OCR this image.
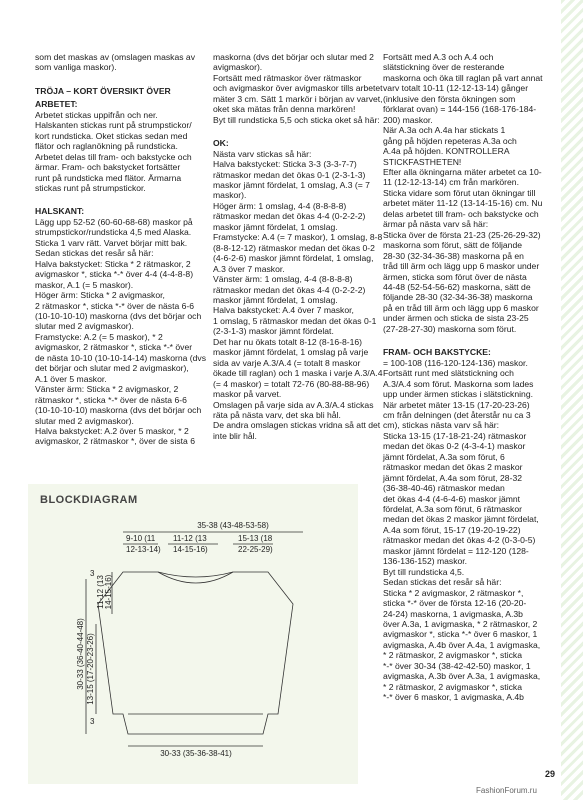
som det maskas av (omslagen maskas av

som vanliga maskor).

TRÖJA – KORT ÖVERSIKT ÖVER

ARBETET:

Arbetet stickas uppifrån och ner.

Halskanten stickas runt på strumpstickor/

kort rundsticka. Oket stickas sedan med

flätor och raglanökning på rundsticka.

Arbetet delas till fram- och bakstycke och

ärmar. Fram- och bakstycket fortsätter

runt på rundsticka med flätor. Ärmarna

stickas runt på strumpstickor.

HALSKANT:

Lägg upp 52-52 (60-60-68-68) maskor på

strumpstickor/rundsticka 4,5 med Alaska.

Sticka 1 varv rätt. Varvet börjar mitt bak.

Sedan stickas det resår så här:

Halva bakstycket: Sticka * 2 rätmaskor, 2

avigmaskor *, sticka *-* över 4-4 (4-4-8-8)

maskor, A.1 (= 5 maskor).

Höger ärm: Sticka * 2 avigmaskor,

2 rätmaskor *, sticka *-* över de nästa 6-6

(10-10-10-10) maskorna (dvs det börjar och

slutar med 2 avigmaskor).

Framstycke: A.2 (= 5 maskor), * 2

avigmaskor, 2 rätmaskor *, sticka *-* över

de nästa 10-10 (10-10-14-14) maskorna (dvs

det börjar och slutar med 2 avigmaskor),

A.1 över 5 maskor.

Vänster ärm: Sticka * 2 avigmaskor, 2

rätmaskor *, sticka *-* över de nästa 6-6

(10-10-10-10) maskorna (dvs det börjar och

slutar med 2 avigmaskor).

Halva bakstycket: A.2 över 5 maskor, * 2

avigmaskor, 2 rätmaskor *, över de sista 6

maskorna (dvs det börjar och slutar med 2

avigmaskor).

Fortsätt med rätmaskor över rätmaskor

och avigmaskor över avigmaskor tills arbetet

mäter 3 cm. Sätt 1 markör i början av varvet,

oket ska mätas från denna markören!

Byt till rundsticka 5,5 och sticka oket så här:

OK:

Nästa varv stickas så här:

Halva bakstycket: Sticka 3-3 (3-3-7-7)

rätmaskor medan det ökas 0-1 (2-3-1-3)

maskor jämnt fördelat, 1 omslag, A.3 (= 7

maskor).

Höger ärm: 1 omslag, 4-4 (8-8-8-8)

rätmaskor medan det ökas 4-4 (0-2-2-2)

maskor jämnt fördelat, 1 omslag.

Framstycke: A.4 (= 7 maskor), 1 omslag, 8-8

(8-8-12-12) rätmaskor medan det ökas 0-2

(4-6-2-6) maskor jämnt fördelat, 1 omslag,

A.3 över 7 maskor.

Vänster ärm: 1 omslag, 4-4 (8-8-8-8)

rätmaskor medan det ökas 4-4 (0-2-2-2)

maskor jämnt fördelat, 1 omslag.

Halva bakstycket: A.4 över 7 maskor,

1 omslag, 5 rätmaskor medan det ökas 0-1

(2-3-1-3) maskor jämnt fördelat.

Det har nu ökats totalt 8-12 (8-16-8-16)

maskor jämnt fördelat, 1 omslag på varje

sida av varje A.3/A.4 (= totalt 8 maskor

ökade till raglan) och 1 maska i varje A.3/A.4

(= 4 maskor) = totalt 72-76 (80-88-88-96)

maskor på varvet.

Omslagen på varje sida av A.3/A.4 stickas

räta på nästa varv, det ska bli hål.

De andra omslagen stickas vridna så att det

inte blir hål.

Fortsätt med A.3 och A.4 och

slätstickning över de resterande

maskorna och öka till raglan på vart annat

varv totalt 10-11 (12-12-13-14) gånger

(inklusive den första ökningen som

förklarat ovan) = 144-156 (168-176-184-

200) maskor.

När A.3a och A.4a har stickats 1

gång på höjden repeteras A.3a och

A.4a på höjden. KONTROLLERA

STICKFASTHETEN!

Efter alla ökningarna mäter arbetet ca 10-

11 (12-12-13-14) cm från markören.

Sticka vidare som förut utan ökningar till

arbetet mäter 11-12 (13-14-15-16) cm. Nu

delas arbetet till fram- och bakstycke och

ärmar på nästa varv så här:

Sticka över de första 21-23 (25-26-29-32)

maskorna som förut, sätt de följande

28-30 (32-34-36-38) maskorna på en

tråd till ärm och lägg upp 6 maskor under

ärmen, sticka som förut över de nästa

44-48 (52-54-56-62) maskorna, sätt de

följande 28-30 (32-34-36-38) maskorna

på en tråd till ärm och lägg upp 6 maskor

under ärmen och sticka de sista 23-25

(27-28-27-30) maskorna som förut.

FRAM- OCH BAKSTYCKE:

= 100-108 (116-120-124-136) maskor.

Fortsätt runt med slätstickning och

A.3/A.4 som förut. Maskorna som lades

upp under ärmen stickas i slätstickning.

När arbetet mäter 13-15 (17-20-23-26)

cm från delningen (det återstår nu ca 3

cm), stickas nästa varv så här:

Sticka 13-15 (17-18-21-24) rätmaskor

medan det ökas 0-2 (4-3-4-1) maskor

jämnt fördelat, A.3a som förut, 6

rätmaskor medan det ökas 2 maskor

jämnt fördelat, A.4a som förut, 28-32

(36-38-40-46) rätmaskor medan

det ökas 4-4 (4-6-4-6) maskor jämnt

fördelat, A.3a som förut, 6 rätmaskor

medan det ökas 2 maskor jämnt fördelat,

A.4a som förut, 15-17 (19-20-19-22)

rätmaskor medan det ökas 4-2 (0-3-0-5)

maskor jämnt fördelat = 112-120 (128-

136-136-152) maskor.

Byt till rundsticka 4,5.

Sedan stickas det resår så här:

Sticka * 2 avigmaskor, 2 rätmaskor *,

sticka *-* över de första 12-16 (20-20-

24-24) maskorna, 1 avigmaska, A.3b

över A.3a, 1 avigmaska, * 2 rätmaskor, 2

avigmaskor *, sticka *-* över 6 maskor, 1

avigmaska, A.4b över A.4a, 1 avigmaska,

* 2 rätmaskor, 2 avigmaskor *, sticka

*-* över 30-34 (38-42-42-50) maskor, 1

avigmaska, A.3b över A.3a, 1 avigmaska,

* 2 rätmaskor, 2 avigmaskor *, sticka

*-* över 6 maskor, 1 avigmaska, A.4b

BLOCKDIAGRAM
35-38 (43-48-53-58)
9-10 (11
12-13-14)
11-12 (13
14-15-16)
15-13 (18
22-25-29)
30-33 (35-36-38-41)
30-33 (36-40-44-48) 13-15 (17-20-23-26)
11-12 (13 14-15-16)
3
3
29
FashionForum.ru
